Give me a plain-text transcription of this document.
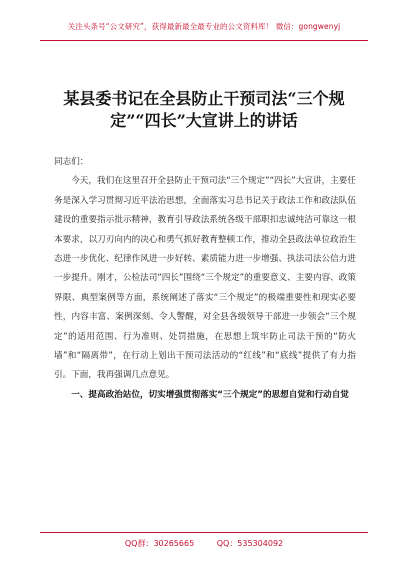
关注头条号“公文研究”，获得最新最全最专业的公文资料库！ 微信：gongwenyj
某县委书记在全县防止干预司法“三个规定”“四长”大宣讲上的讲话

同志们：

今天，我们在这里召开全县防止干预司法“三个规定”“四长”大宣讲，主要任务是深入学习贯彻习近平法治思想，全面落实习总书记关于政法工作和政法队伍建设的重要指示批示精神，教育引导政法系统各级干部职扣忠诚纯洁可靠这一根本要求，以刀刃向内的决心和勇气抓好教育整顿工作，推动全县政法单位政治生态进一步优化、纪律作风进一步好转、素质能力进一步增强、执法司法公信力进一步提升。刚才，公检法司“四长”围绕“三个规定”的重要意义、主要内容、政策界限、典型案例等方面，系统阐述了落实“三个规定”的极端重要性和现实必要性，内容丰富、案例深刻、令人警醒，对全县各级领导干部进一步领会“三个规定”的适用范围、行为准则、处罚措施，在思想上筑牢防止司法干预的“防火墙”和“隔离带”，在行动上划出干预司法活动的“红线”和“底线”提供了有力指引。下面，我再强调几点意见。

一、提高政治站位，切实增强贯彻落实“三个规定”的思想自觉和行动自觉

QQ群：30265665	QQ：535304092
